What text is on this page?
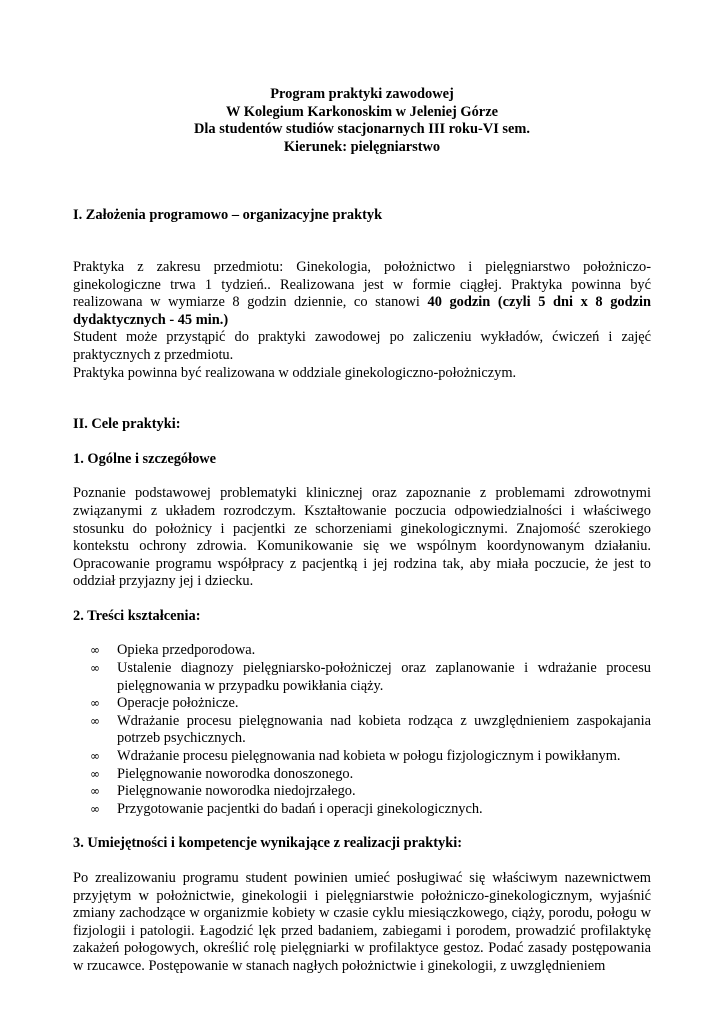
Program praktyki zawodowej
W Kolegium Karkonoskim w Jeleniej Górze
Dla studentów studiów stacjonarnych III roku-VI sem.
Kierunek: pielęgniarstwo
I. Założenia programowo – organizacyjne praktyk

Praktyka z zakresu przedmiotu: Ginekologia, położnictwo i pielęgniarstwo położniczo-ginekologiczne trwa 1 tydzień.. Realizowana jest w formie ciągłej. Praktyka powinna być realizowana w wymiarze 8 godzin dziennie, co stanowi 40 godzin (czyli 5 dni x 8 godzin dydaktycznych - 45 min.)

Student może przystąpić do praktyki zawodowej po zaliczeniu wykładów, ćwiczeń i zajęć praktycznych z przedmiotu.

Praktyka powinna być realizowana w oddziale ginekologiczno-położniczym.

II. Cele praktyki:
1. Ogólne i szczegółowe

Poznanie podstawowej problematyki klinicznej oraz zapoznanie z problemami zdrowotnymi związanymi z układem rozrodczym. Kształtowanie poczucia odpowiedzialności i właściwego stosunku do położnicy i pacjentki ze schorzeniami ginekologicznymi. Znajomość szerokiego kontekstu ochrony zdrowia. Komunikowanie się we wspólnym koordynowanym działaniu. Opracowanie programu współpracy z pacjentką i jej rodzina tak, aby miała poczucie, że jest to oddział przyjazny jej i dziecku.

2. Treści kształcenia:
∞ Opieka przedporodowa.
∞ Ustalenie diagnozy pielęgniarsko-położniczej oraz zaplanowanie i wdrażanie procesu pielęgnowania w przypadku powikłania ciąży.
∞ Operacje położnicze.
∞ Wdrażanie procesu pielęgnowania nad kobieta rodząca z uwzględnieniem zaspokajania potrzeb psychicznych.
∞ Wdrażanie procesu pielęgnowania nad kobieta w połogu fizjologicznym i powikłanym.
∞ Pielęgnowanie noworodka donoszonego.
∞ Pielęgnowanie noworodka niedojrzałego.
∞ Przygotowanie pacjentki do badań i operacji ginekologicznych.
3. Umiejętności i kompetencje wynikające z realizacji praktyki:

Po zrealizowaniu programu student powinien umieć posługiwać się właściwym nazewnictwem przyjętym w położnictwie, ginekologii i pielęgniarstwie położniczo-ginekologicznym, wyjaśnić zmiany zachodzące w organizmie kobiety w czasie cyklu miesiączkowego, ciąży, porodu, połogu w fizjologii i patologii. Łagodzić lęk przed badaniem, zabiegami i porodem, prowadzić profilaktykę zakażeń połogowych, określić rolę pielęgniarki w profilaktyce gestoz. Podać zasady postępowania w rzucawce. Postępowanie w stanach nagłych położnictwie i ginekologii, z uwzględnieniem
